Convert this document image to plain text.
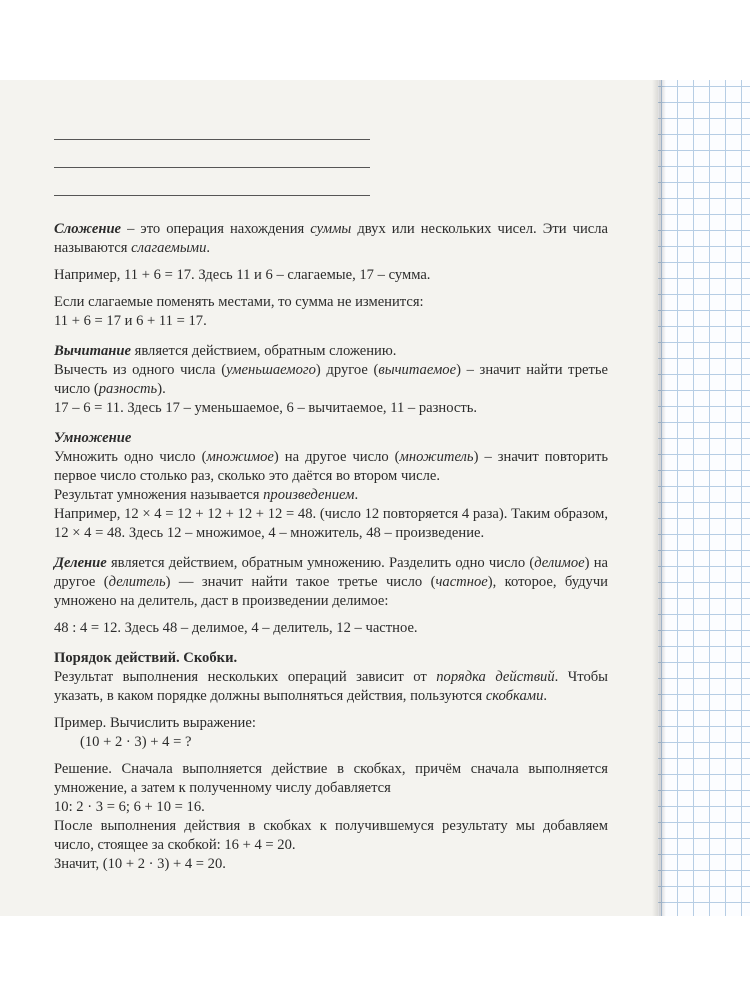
Сложение – это операция нахождения суммы двух или нескольких чисел. Эти числа называются слагаемыми.

Например, 11 + 6 = 17. Здесь 11 и 6 – слагаемые, 17 – сумма.

Если слагаемые поменять местами, то сумма не изменится:

11 + 6 = 17 и 6 + 11 = 17.

Вычитание является действием, обратным сложению.

Вычесть из одного числа (уменьшаемого) другое (вычитаемое) – значит найти третье число (разность).

17 – 6 = 11. Здесь 17 – уменьшаемое, 6 – вычитаемое, 11 – разность.

Умножение

Умножить одно число (множимое) на другое число (множитель) – значит повторить первое число столько раз, сколько это даётся во втором числе.

Результат умножения называется произведением.

Например, 12 × 4 = 12 + 12 + 12 + 12 = 48. (число 12 повторяется 4 раза). Таким образом, 12 × 4 = 48. Здесь 12 – множимое, 4 – множитель, 48 – произведение.

Деление является действием, обратным умножению. Разделить одно число (делимое) на другое (делитель) — значит найти такое третье число (частное), которое, будучи умножено на делитель, даст в произведении делимое:

48 : 4 = 12. Здесь 48 – делимое, 4 – делитель, 12 – частное.

Порядок действий. Скобки.

Результат выполнения нескольких операций зависит от порядка действий. Чтобы указать, в каком порядке должны выполняться действия, пользуются скобками.

Пример. Вычислить выражение:

(10 + 2 · 3) + 4 = ?

Решение. Сначала выполняется действие в скобках, причём сначала выполняется умножение, а затем к полученному числу добавляется

10: 2 · 3 = 6; 6 + 10 = 16.

После выполнения действия в скобках к получившемуся результату мы добавляем число, стоящее за скобкой: 16 + 4 = 20.

Значит, (10 + 2 · 3) + 4 = 20.
